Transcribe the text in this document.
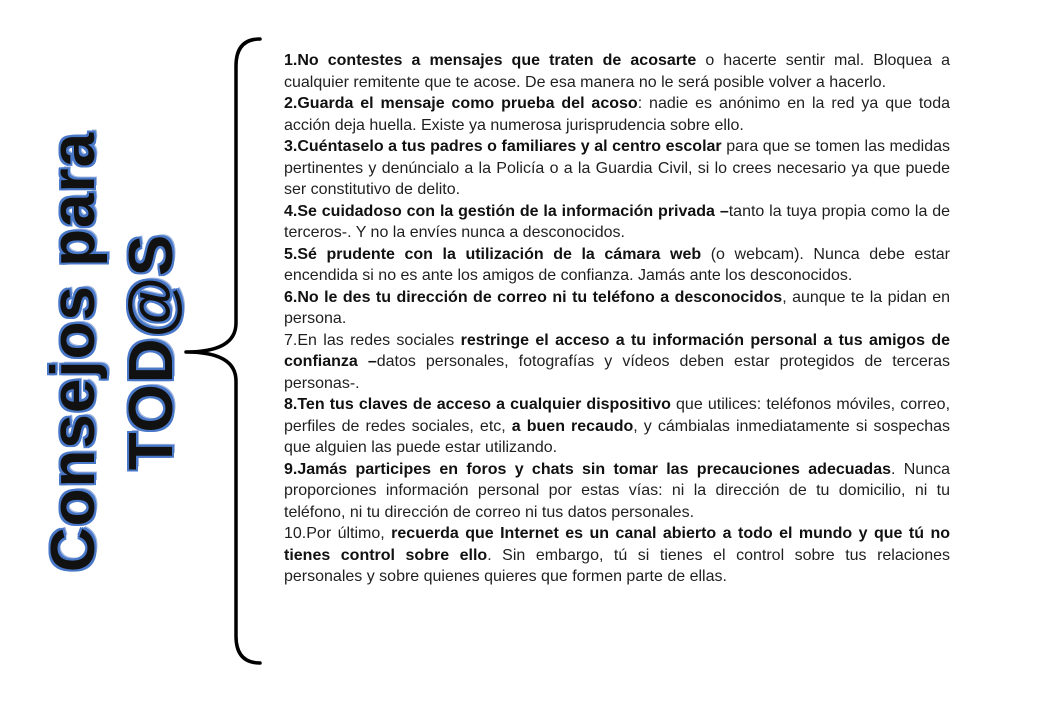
Consejos para TOD@S
1.No contestes a mensajes que traten de acosarte o hacerte sentir mal. Bloquea a cualquier remitente que te acose. De esa manera no le será posible volver a hacerlo.
2.Guarda el mensaje como prueba del acoso: nadie es anónimo en la red ya que toda acción deja huella. Existe ya numerosa jurisprudencia sobre ello.
3.Cuéntaselo a tus padres o familiares y al centro escolar para que se tomen las medidas pertinentes y denúncialo a la Policía o a la Guardia Civil, si lo crees necesario ya que puede ser constitutivo de delito.
4.Se cuidadoso con la gestión de la información privada –tanto la tuya propia como la de terceros-. Y no la envíes nunca a desconocidos.
5.Sé prudente con la utilización de la cámara web (o webcam). Nunca debe estar encendida si no es ante los amigos de confianza. Jamás ante los desconocidos.
6.No le des tu dirección de correo ni tu teléfono a desconocidos, aunque te la pidan en persona.
7.En las redes sociales restringe el acceso a tu información personal a tus amigos de confianza –datos personales, fotografías y vídeos deben estar protegidos de terceras personas-.
8.Ten tus claves de acceso a cualquier dispositivo que utilices: teléfonos móviles, correo, perfiles de redes sociales, etc, a buen recaudo, y cámbialas inmediatamente si sospechas que alguien las puede estar utilizando.
9.Jamás participes en foros y chats sin tomar las precauciones adecuadas. Nunca proporciones información personal por estas vías: ni la dirección de tu domicilio, ni tu teléfono, ni tu dirección de correo ni tus datos personales.
10.Por último, recuerda que Internet es un canal abierto a todo el mundo y que tú no tienes control sobre ello. Sin embargo, tú si tienes el control sobre tus relaciones personales y sobre quienes quieres que formen parte de ellas.
